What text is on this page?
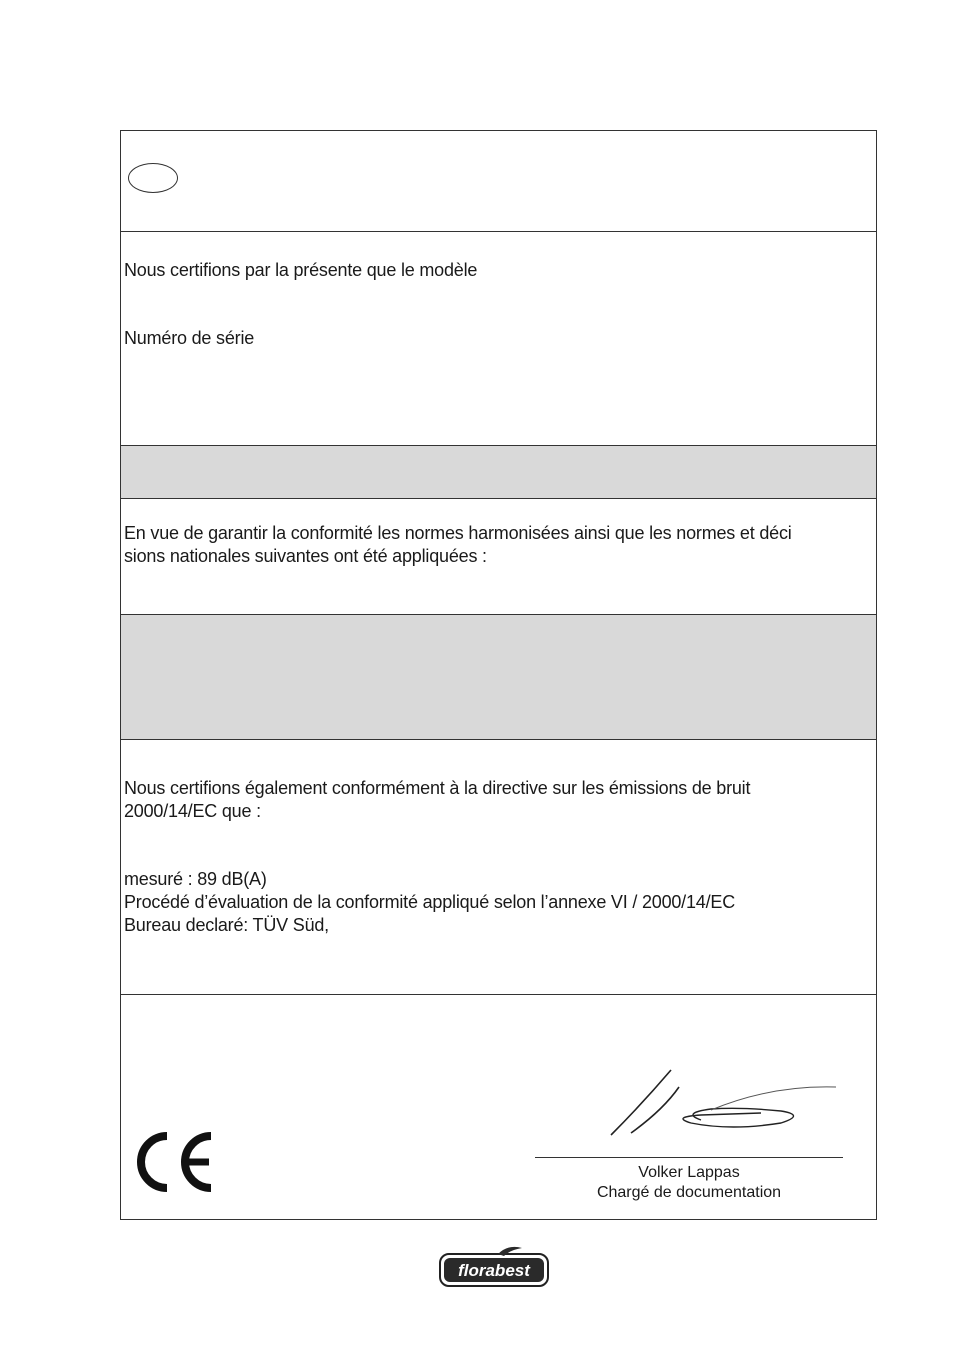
Nous certifions par la présente que le modèle
Numéro de série
En vue de garantir la conformité les normes harmonisées ainsi que les normes et déci
sions nationales suivantes ont été appliquées :
Nous certifions également conformément à la directive sur les émissions de bruit
2000/14/EC que :
mesuré : 89 dB(A)
Procédé d’évaluation de la conformité appliqué selon l’annexe VI / 2000/14/EC
Bureau declaré: TÜV Süd,
Volker Lappas
Chargé de documentation
florabest
